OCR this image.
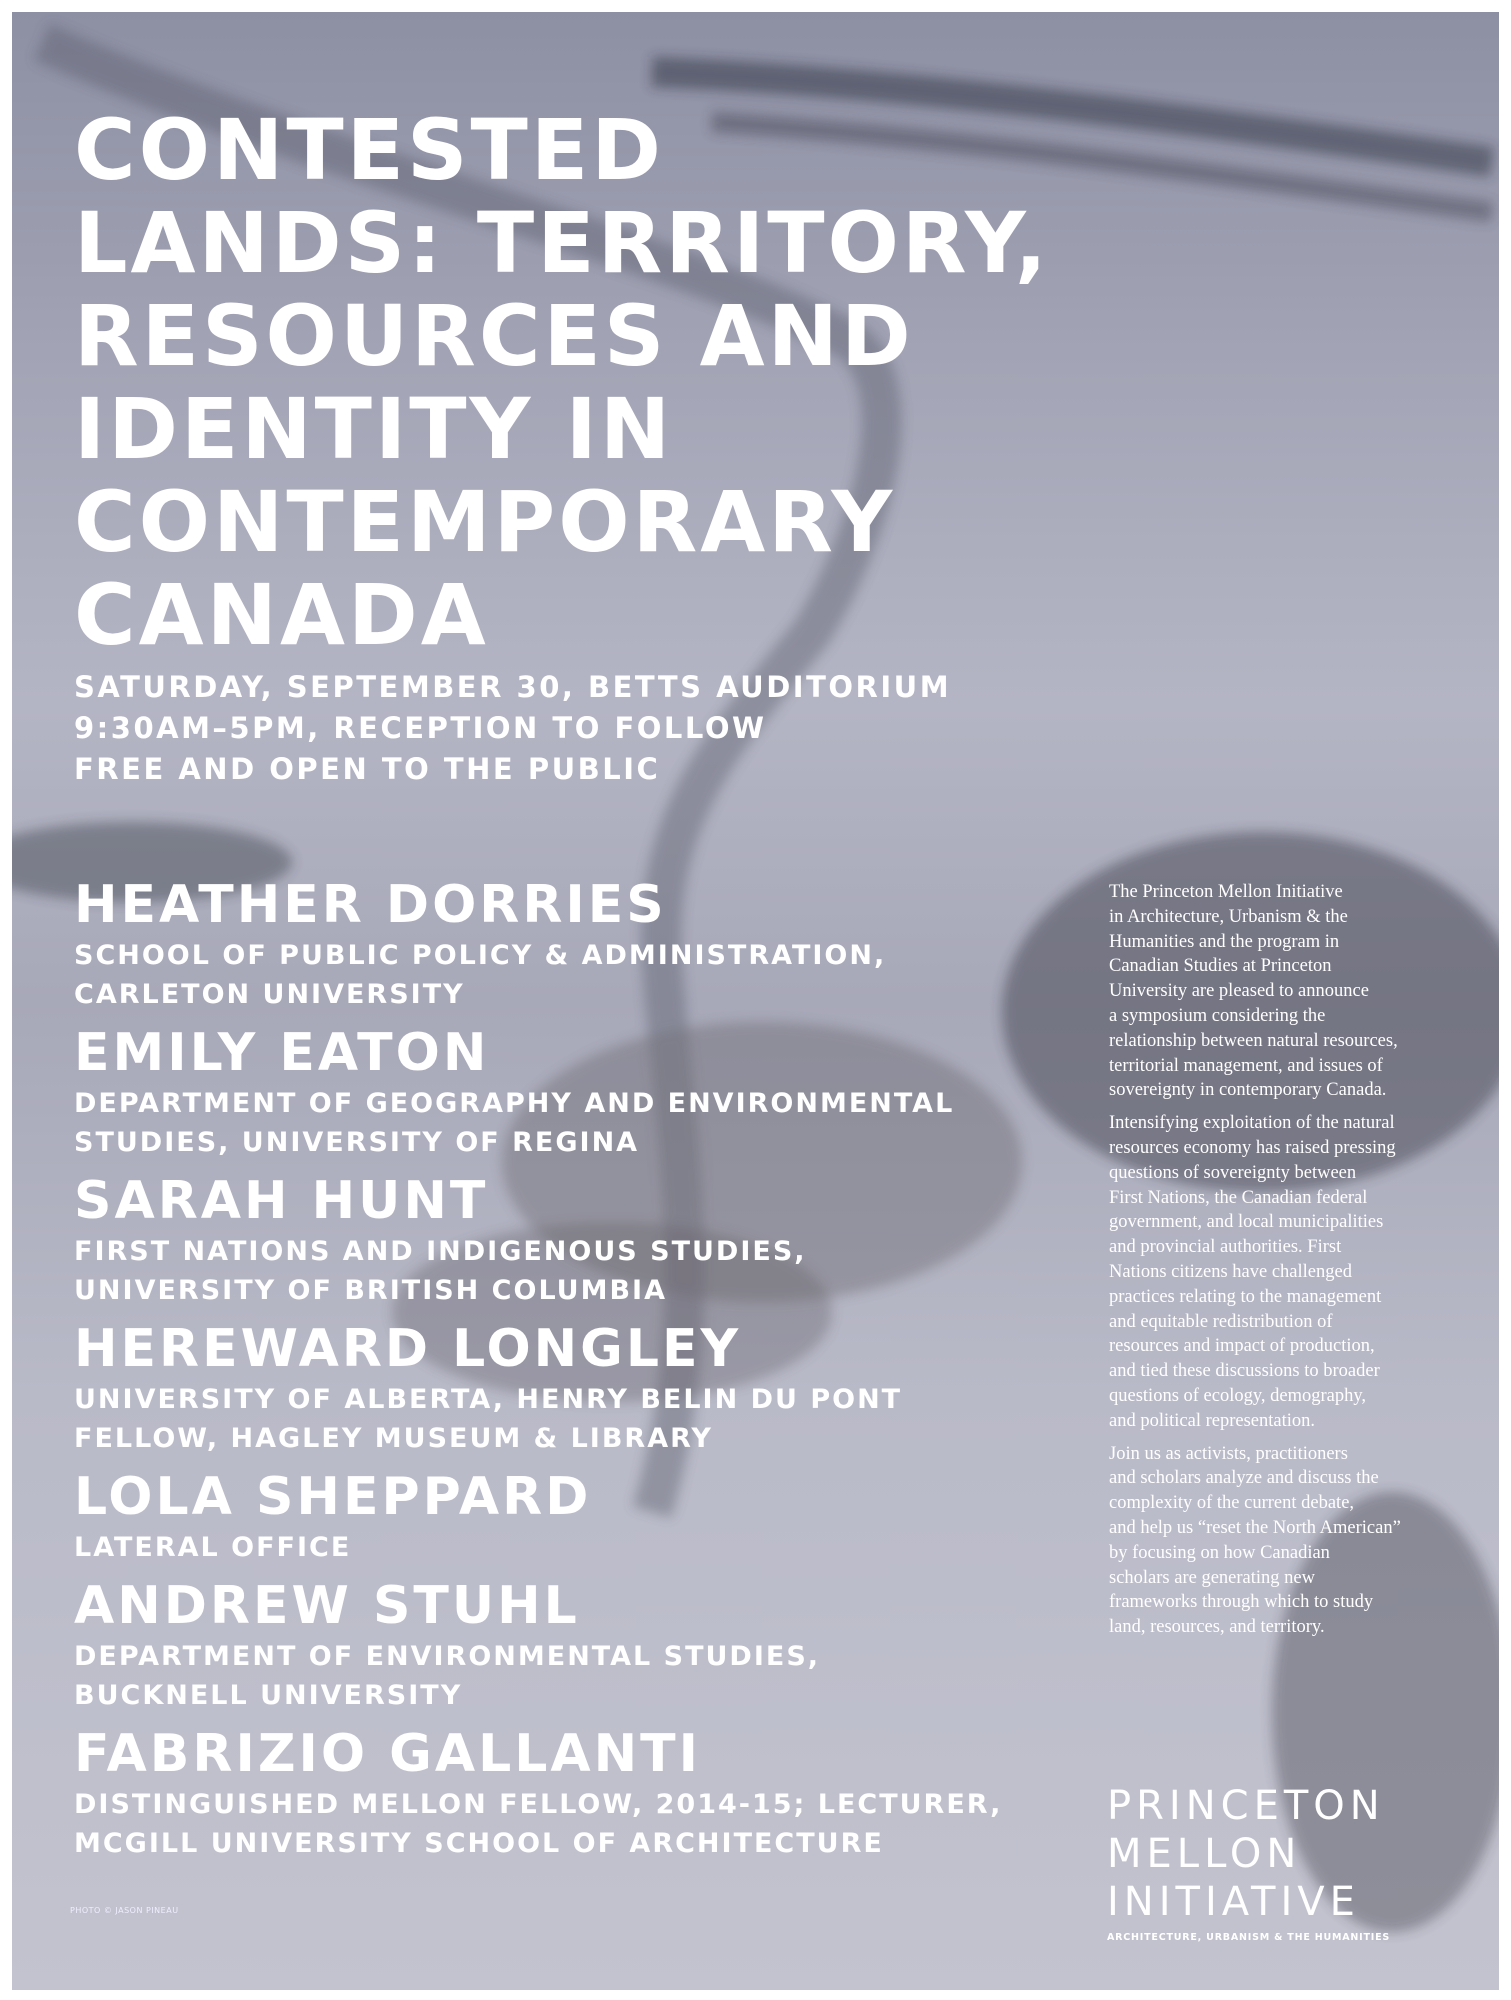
CONTESTED
LANDS: TERRITORY,
RESOURCES AND
IDENTITY IN
CONTEMPORARY
CANADA
SATURDAY, SEPTEMBER 30, BETTS AUDITORIUM
9:30AM–5PM, RECEPTION TO FOLLOW
FREE AND OPEN TO THE PUBLIC
HEATHER DORRIES
SCHOOL OF PUBLIC POLICY & ADMINISTRATION,
CARLETON UNIVERSITY
EMILY EATON
DEPARTMENT OF GEOGRAPHY AND ENVIRONMENTAL
STUDIES, UNIVERSITY OF REGINA
SARAH HUNT
FIRST NATIONS AND INDIGENOUS STUDIES,
UNIVERSITY OF BRITISH COLUMBIA
HEREWARD LONGLEY
UNIVERSITY OF ALBERTA, HENRY BELIN DU PONT
FELLOW, HAGLEY MUSEUM & LIBRARY
LOLA SHEPPARD
LATERAL OFFICE
ANDREW STUHL
DEPARTMENT OF ENVIRONMENTAL STUDIES,
BUCKNELL UNIVERSITY
FABRIZIO GALLANTI
DISTINGUISHED MELLON FELLOW, 2014-15; LECTURER,
MCGILL UNIVERSITY SCHOOL OF ARCHITECTURE

The Princeton Mellon Initiative
in Architecture, Urbanism & the
Humanities and the program in
Canadian Studies at Princeton
University are pleased to announce
a symposium considering the
relationship between natural resources,
territorial management, and issues of
sovereignty in contemporary Canada.

Intensifying exploitation of the natural
resources economy has raised pressing
questions of sovereignty between
First Nations, the Canadian federal
government, and local municipalities
and provincial authorities. First
Nations citizens have challenged
practices relating to the management
and equitable redistribution of
resources and impact of production,
and tied these discussions to broader
questions of ecology, demography,
and political representation.

Join us as activists, practitioners
and scholars analyze and discuss the
complexity of the current debate,
and help us “reset the North American”
by focusing on how Canadian
scholars are generating new
frameworks through which to study
land, resources, and territory.

PRINCETON
MELLON
INITIATIVE
ARCHITECTURE, URBANISM & THE HUMANITIES
PHOTO © JASON PINEAU
